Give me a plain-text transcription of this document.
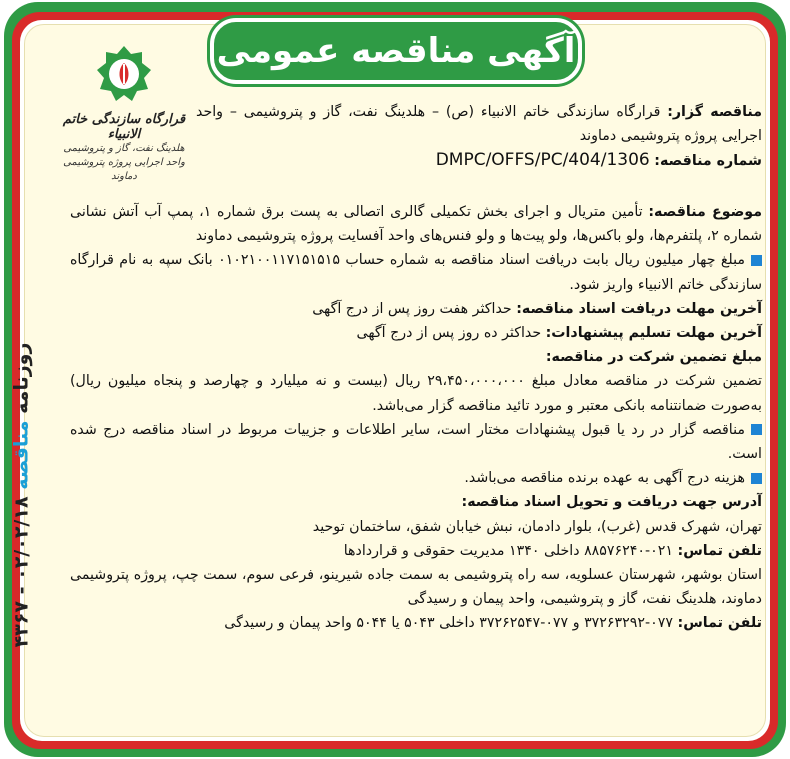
آگهی مناقصه عمومی
روزنامه مناقصه ۰۲/۰۲/۱۸ - ۴۳۶۷
قرارگاه سازندگی خاتم الانبیاء
هلدینگ نفت، گاز و پتروشیمی
واحد اجرایی پروژه پتروشیمی دماوند

مناقصه گزار: قرارگاه سازندگی خاتم الانبیاء (ص) – هلدینگ نفت، گاز و پتروشیمی – واحد اجرایی پروژه پتروشیمی دماوند

شماره مناقصه: DMPC/OFFS/PC/404/1306

موضوع مناقصه: تأمین متریال و اجرای بخش تکمیلی گالری اتصالی به پست برق شماره ۱، پمپ آب آتش نشانی شماره ۲، پلتفرم‌ها، ولو باکس‌ها، ولو پیت‌ها و ولو فنس‌های واحد آفسایت پروژه پتروشیمی دماوند

مبلغ چهار میلیون ریال بابت دریافت اسناد مناقصه به شماره حساب ۰۱۰۲۱۰۰۱۱۷۱۵۱۵۱۵ بانک سپه به نام قرارگاه سازندگی خاتم الانبیاء واریز شود.

آخرین مهلت دریافت اسناد مناقصه: حداکثر هفت روز پس از درج آگهی

آخرین مهلت تسلیم پیشنهادات: حداکثر ده روز پس از درج آگهی

مبلغ تضمین شرکت در مناقصه:

تضمین شرکت در مناقصه معادل مبلغ ۲۹،۴۵۰،۰۰۰،۰۰۰ ریال (بیست و نه میلیارد و چهارصد و پنجاه میلیون ریال) به‌صورت ضمانتنامه بانکی معتبر و مورد تائید مناقصه گزار می‌باشد.

مناقصه گزار در رد یا قبول پیشنهادات مختار است، سایر اطلاعات و جزییات مربوط در اسناد مناقصه درج شده است.

هزینه درج آگهی به عهده برنده مناقصه می‌باشد.

آدرس جهت دریافت و تحویل اسناد مناقصه:

تهران، شهرک قدس (غرب)، بلوار دادمان، نبش خیابان شفق، ساختمان توحید

تلفن تماس: ۰۲۱-۸۸۵۷۶۲۴۰ داخلی ۱۳۴۰ مدیریت حقوقی و قراردادها

استان بوشهر، شهرستان عسلویه، سه راه پتروشیمی به سمت جاده شیرینو، فرعی سوم، سمت چپ، پروژه پتروشیمی دماوند، هلدینگ نفت، گاز و پتروشیمی، واحد پیمان و رسیدگی

تلفن تماس: ۰۷۷-۳۷۲۶۳۲۹۲ و ۰۷۷-۳۷۲۶۲۵۴۷ داخلی ۵۰۴۳ یا ۵۰۴۴ واحد پیمان و رسیدگی
